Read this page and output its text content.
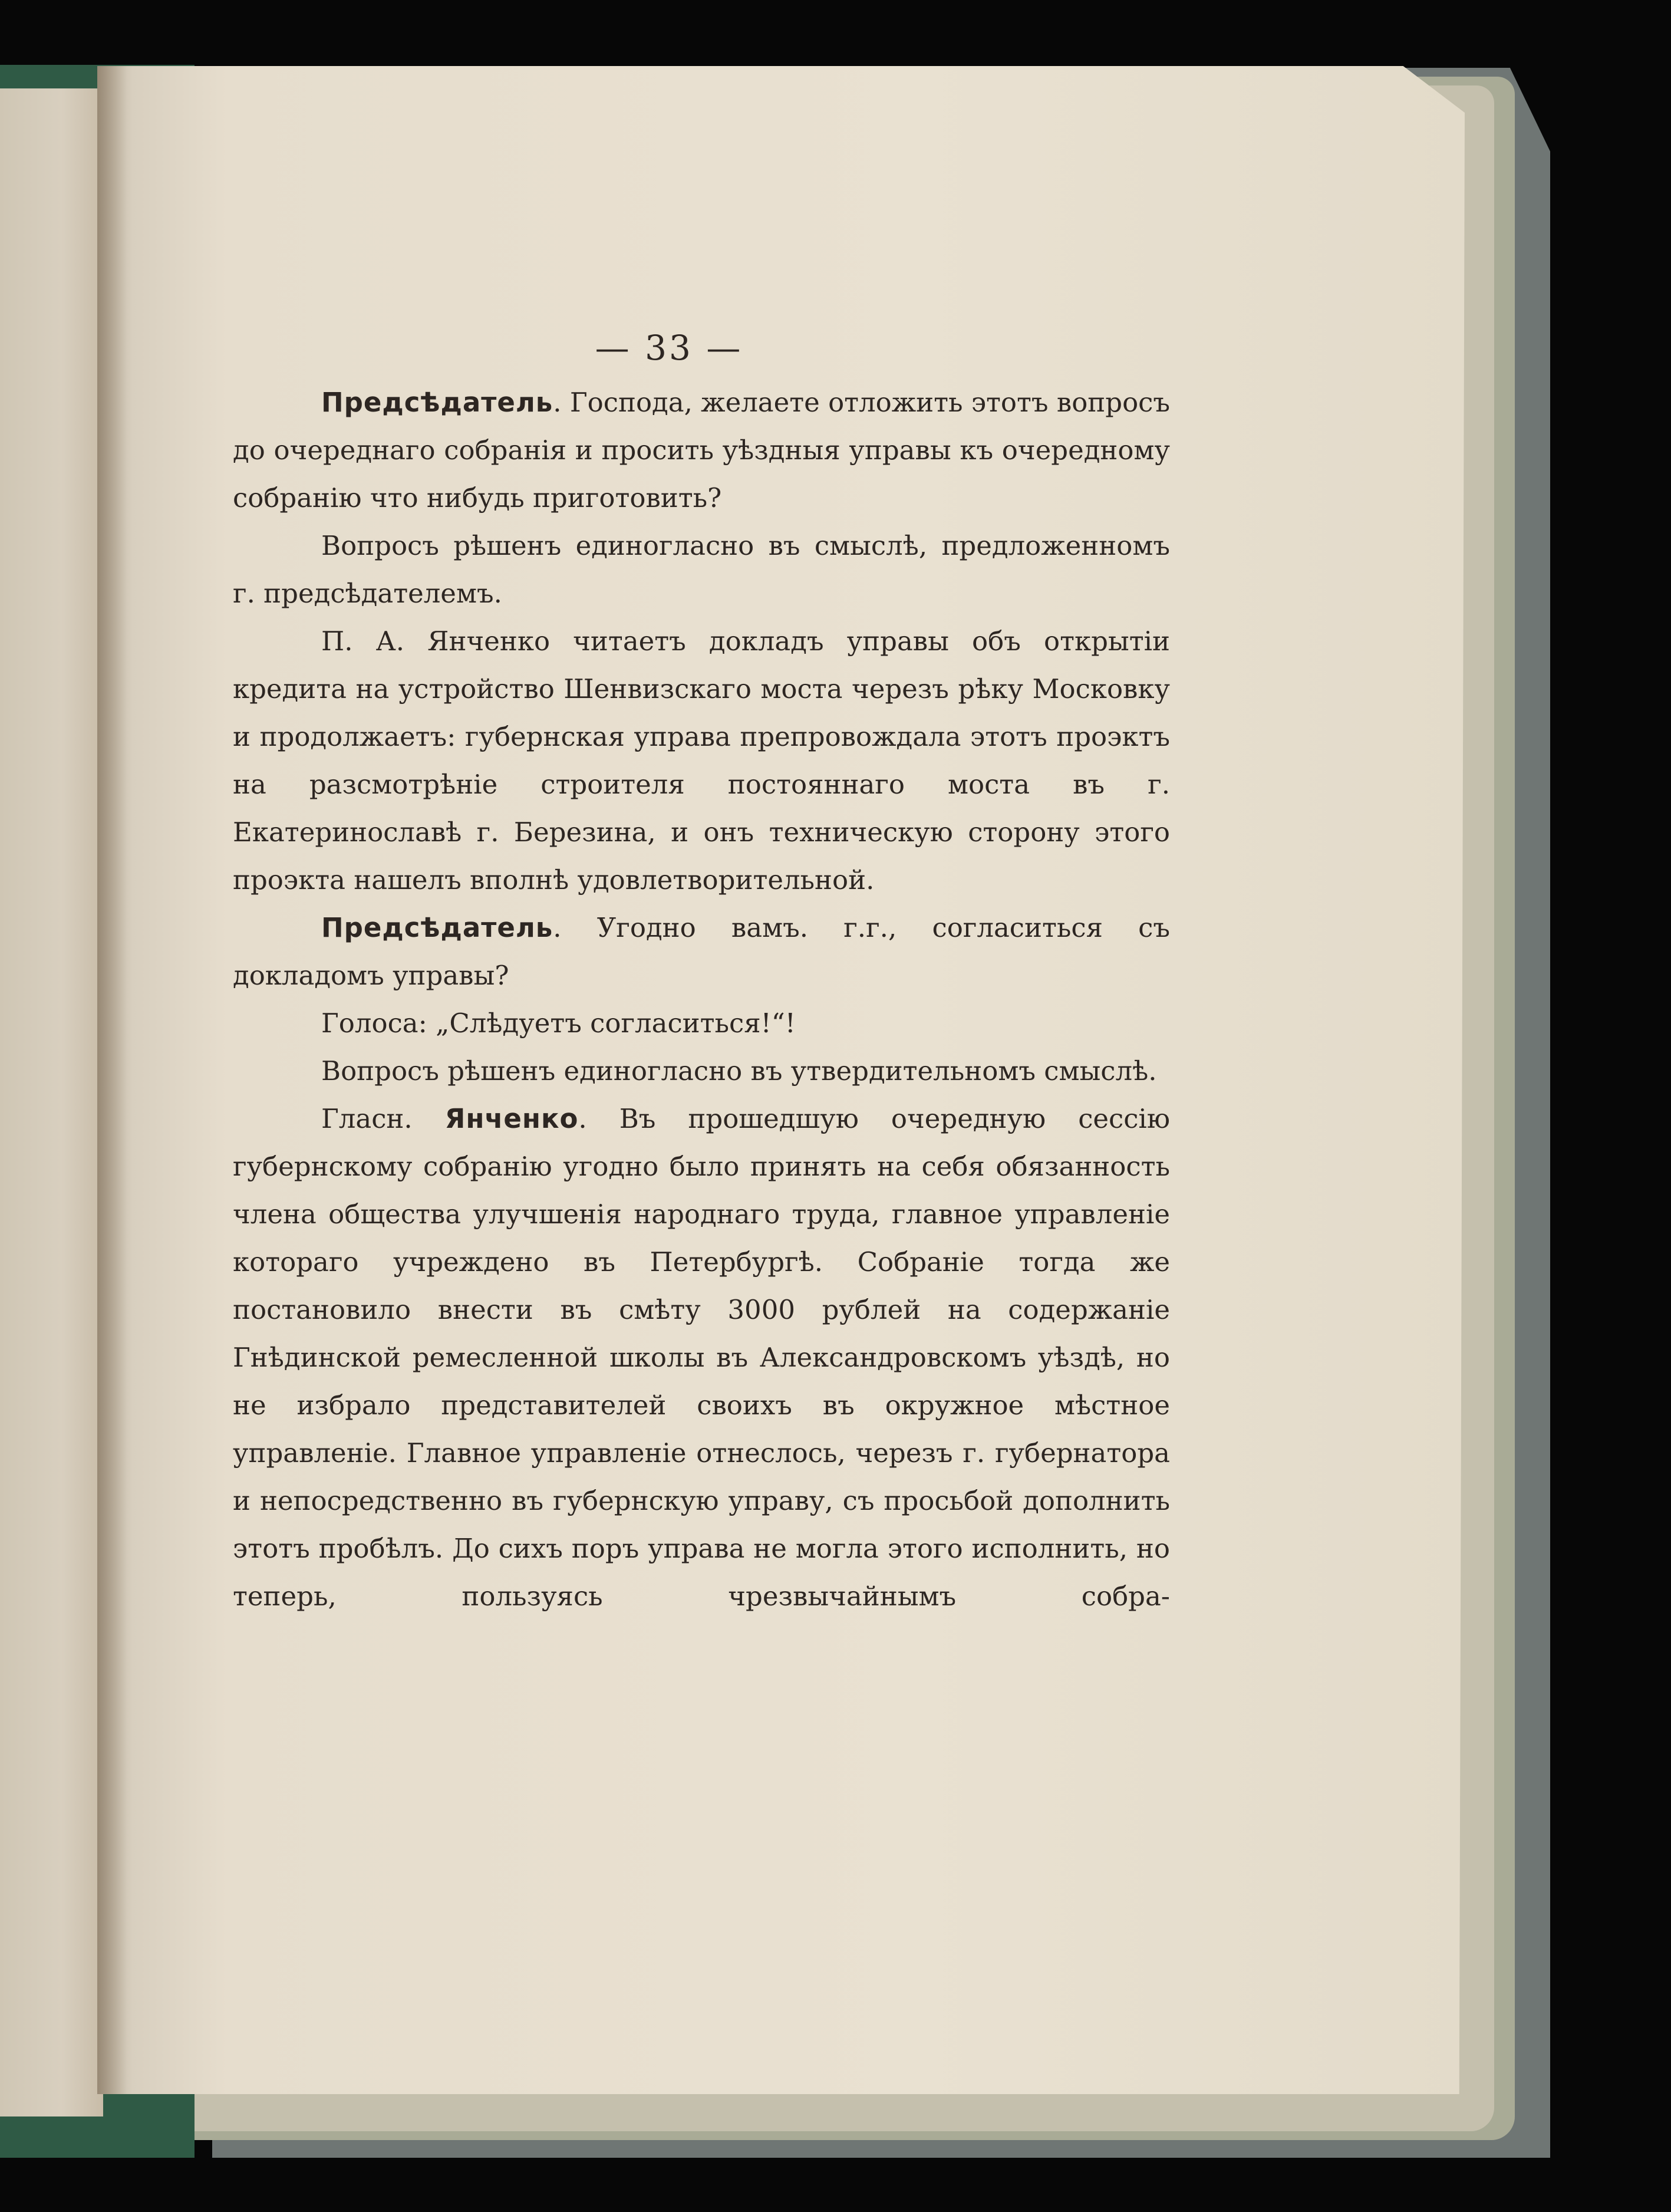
— 33 —

Предсѣдатель. Господа, желаете отложить этотъ вопросъ до очереднаго собранія и просить уѣздныя управы къ очередному собранію что нибудь приготовить?

Вопросъ рѣшенъ единогласно въ смыслѣ, предложенномъ г. предсѣдателемъ.

П. А. Янченко читаетъ докладъ управы объ открытіи кредита на устройство Шенвизскаго моста черезъ рѣку Московку и продолжаетъ: губернская управа препровождала этотъ проэктъ на разсмотрѣніе строителя постояннаго моста въ г. Екатеринославѣ г. Березина, и онъ техническую сторону этого проэкта нашелъ вполнѣ удовлетворительной.

Предсѣдатель. Угодно вамъ. г.г., согласиться съ докладомъ управы?

Голоса: „Слѣдуетъ согласиться!“!

Вопросъ рѣшенъ единогласно въ утвердительномъ смыслѣ.

Гласн. Янченко. Въ прошедшую очередную сессію губернскому собранію угодно было принять на себя обязанность члена общества улучшенія народнаго труда, главное управленіе котораго учреждено въ Петербургѣ. Собраніе тогда же постановило внести въ смѣту 3000 рублей на содержаніе Гнѣдинской ремесленной школы въ Александровскомъ уѣздѣ, но не избрало представителей своихъ въ окружное мѣстное управленіе. Главное управленіе отнеслось, черезъ г. губернатора и непосредственно въ губернскую управу, съ просьбой дополнить этотъ пробѣлъ. До сихъ поръ управа не могла этого исполнить, но теперь, пользуясь чрезвычайнымъ собра-
